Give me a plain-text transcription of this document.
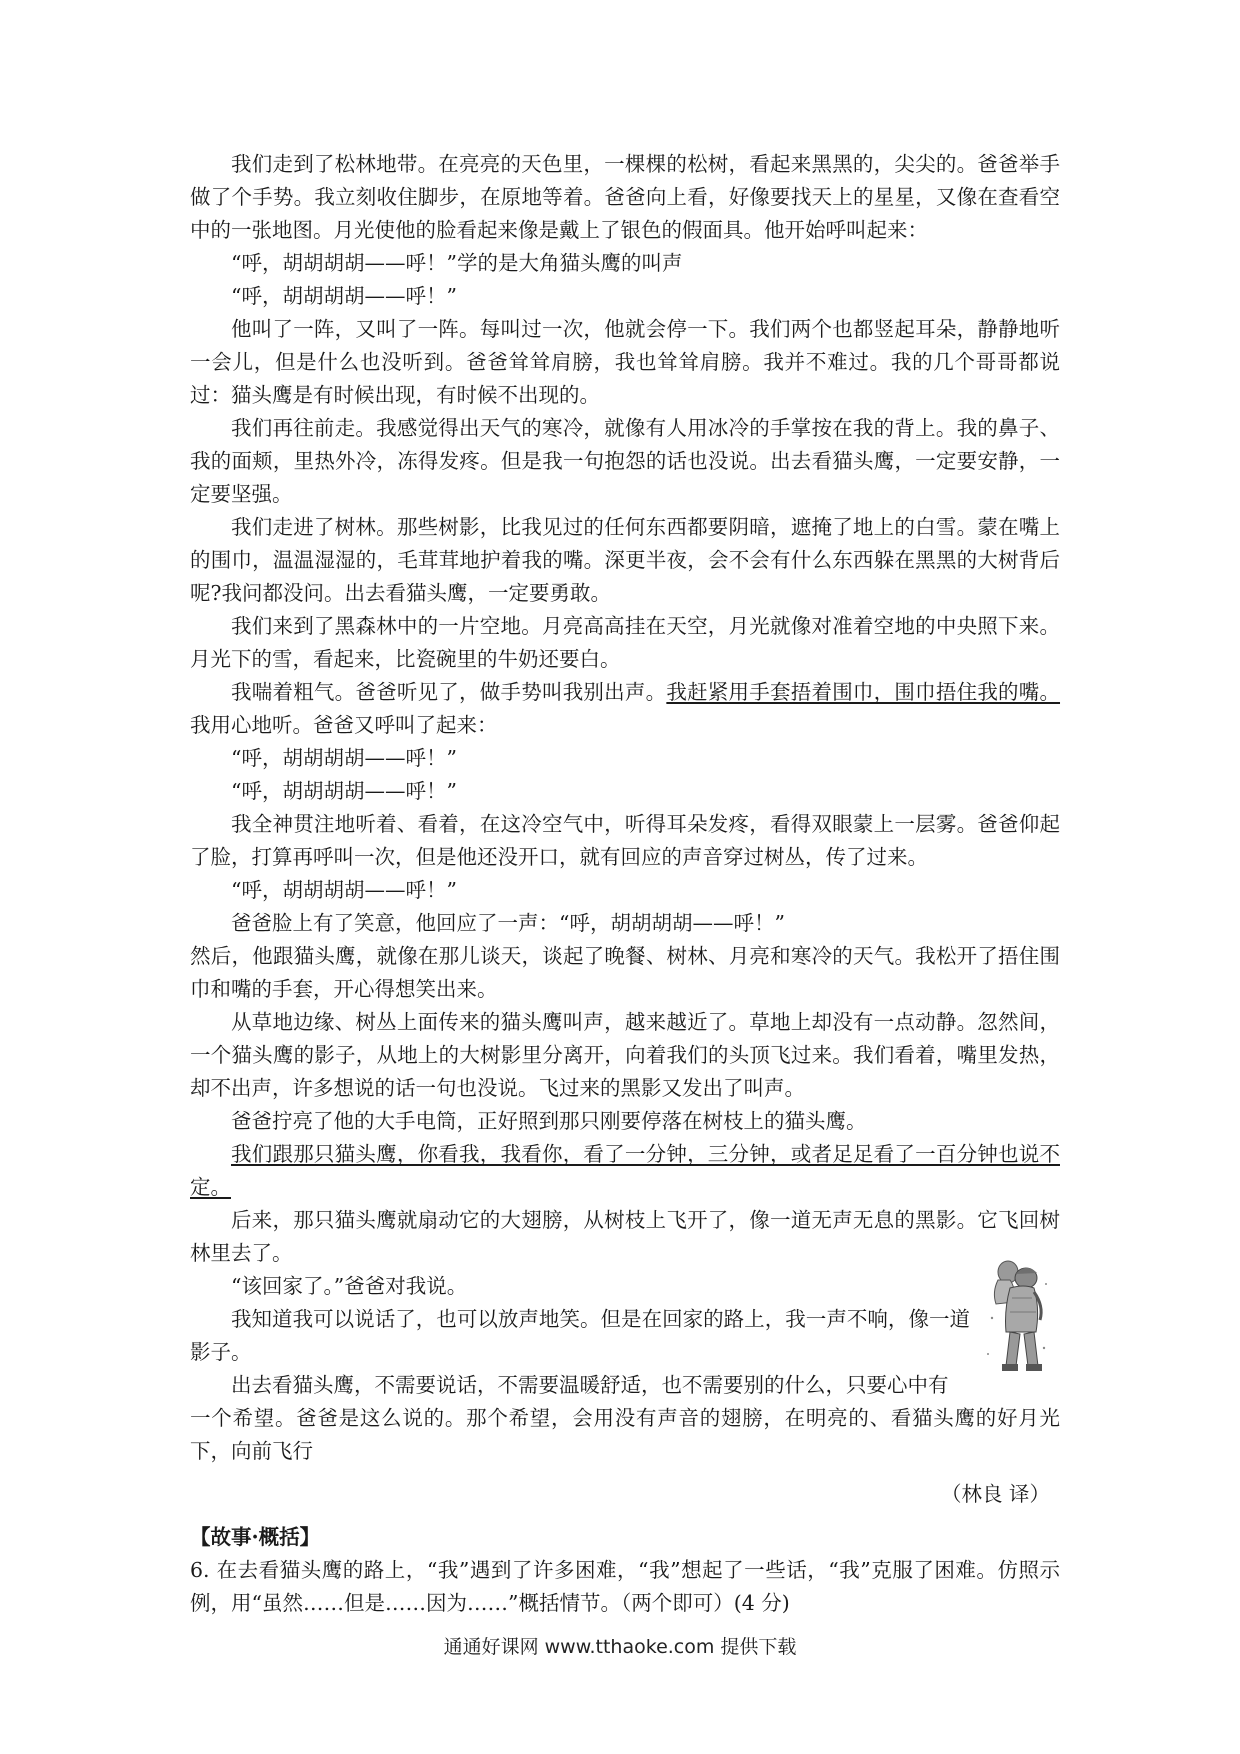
我们走到了松林地带。在亮亮的天色里，一棵棵的松树，看起来黑黑的，尖尖的。爸爸举手做了个手势。我立刻收住脚步，在原地等着。爸爸向上看，好像要找天上的星星，又像在查看空中的一张地图。月光使他的脸看起来像是戴上了银色的假面具。他开始呼叫起来：

“呼，胡胡胡胡——呼！”学的是大角猫头鹰的叫声

“呼，胡胡胡胡——呼！”

他叫了一阵，又叫了一阵。每叫过一次，他就会停一下。我们两个也都竖起耳朵，静静地听一会儿，但是什么也没听到。爸爸耸耸肩膀，我也耸耸肩膀。我并不难过。我的几个哥哥都说过：猫头鹰是有时候出现，有时候不出现的。

我们再往前走。我感觉得出天气的寒冷，就像有人用冰冷的手掌按在我的背上。我的鼻子、我的面颊，里热外冷，冻得发疼。但是我一句抱怨的话也没说。出去看猫头鹰，一定要安静，一定要坚强。

我们走进了树林。那些树影，比我见过的任何东西都要阴暗，遮掩了地上的白雪。蒙在嘴上的围巾，温温湿湿的，毛茸茸地护着我的嘴。深更半夜，会不会有什么东西躲在黑黑的大树背后呢?我问都没问。出去看猫头鹰，一定要勇敢。

我们来到了黑森林中的一片空地。月亮高高挂在天空，月光就像对准着空地的中央照下来。月光下的雪，看起来，比瓷碗里的牛奶还要白。

我喘着粗气。爸爸听见了，做手势叫我别出声。我赶紧用手套捂着围巾，围巾捂住我的嘴。我用心地听。爸爸又呼叫了起来：

“呼，胡胡胡胡——呼！”

“呼，胡胡胡胡——呼！”

我全神贯注地听着、看着，在这冷空气中，听得耳朵发疼，看得双眼蒙上一层雾。爸爸仰起了脸，打算再呼叫一次，但是他还没开口，就有回应的声音穿过树丛，传了过来。

“呼，胡胡胡胡——呼！”

爸爸脸上有了笑意，他回应了一声：“呼，胡胡胡胡——呼！”

然后，他跟猫头鹰，就像在那儿谈天，谈起了晚餐、树林、月亮和寒冷的天气。我松开了捂住围巾和嘴的手套，开心得想笑出来。

从草地边缘、树丛上面传来的猫头鹰叫声，越来越近了。草地上却没有一点动静。忽然间，一个猫头鹰的影子，从地上的大树影里分离开，向着我们的头顶飞过来。我们看着，嘴里发热，却不出声，许多想说的话一句也没说。飞过来的黑影又发出了叫声。

爸爸拧亮了他的大手电筒，正好照到那只刚要停落在树枝上的猫头鹰。

我们跟那只猫头鹰，你看我，我看你，看了一分钟，三分钟，或者足足看了一百分钟也说不定。

后来，那只猫头鹰就扇动它的大翅膀，从树枝上飞开了，像一道无声无息的黑影。它飞回树林里去了。

“该回家了。”爸爸对我说。

我知道我可以说话了，也可以放声地笑。但是在回家的路上，我一声不响，像一道影子。

出去看猫头鹰，不需要说话，不需要温暖舒适，也不需要别的什么，只要心中有

一个希望。爸爸是这么说的。那个希望，会用没有声音的翅膀，在明亮的、看猫头鹰的好月光下，向前飞行

（林良 译）

【故事·概括】

6. 在去看猫头鹰的路上，“我”遇到了许多困难，“我”想起了一些话，“我”克服了困难。仿照示例，用“虽然……但是……因为……”概括情节。（两个即可）(4 分)

通通好课网 www.tthaoke.com 提供下载
